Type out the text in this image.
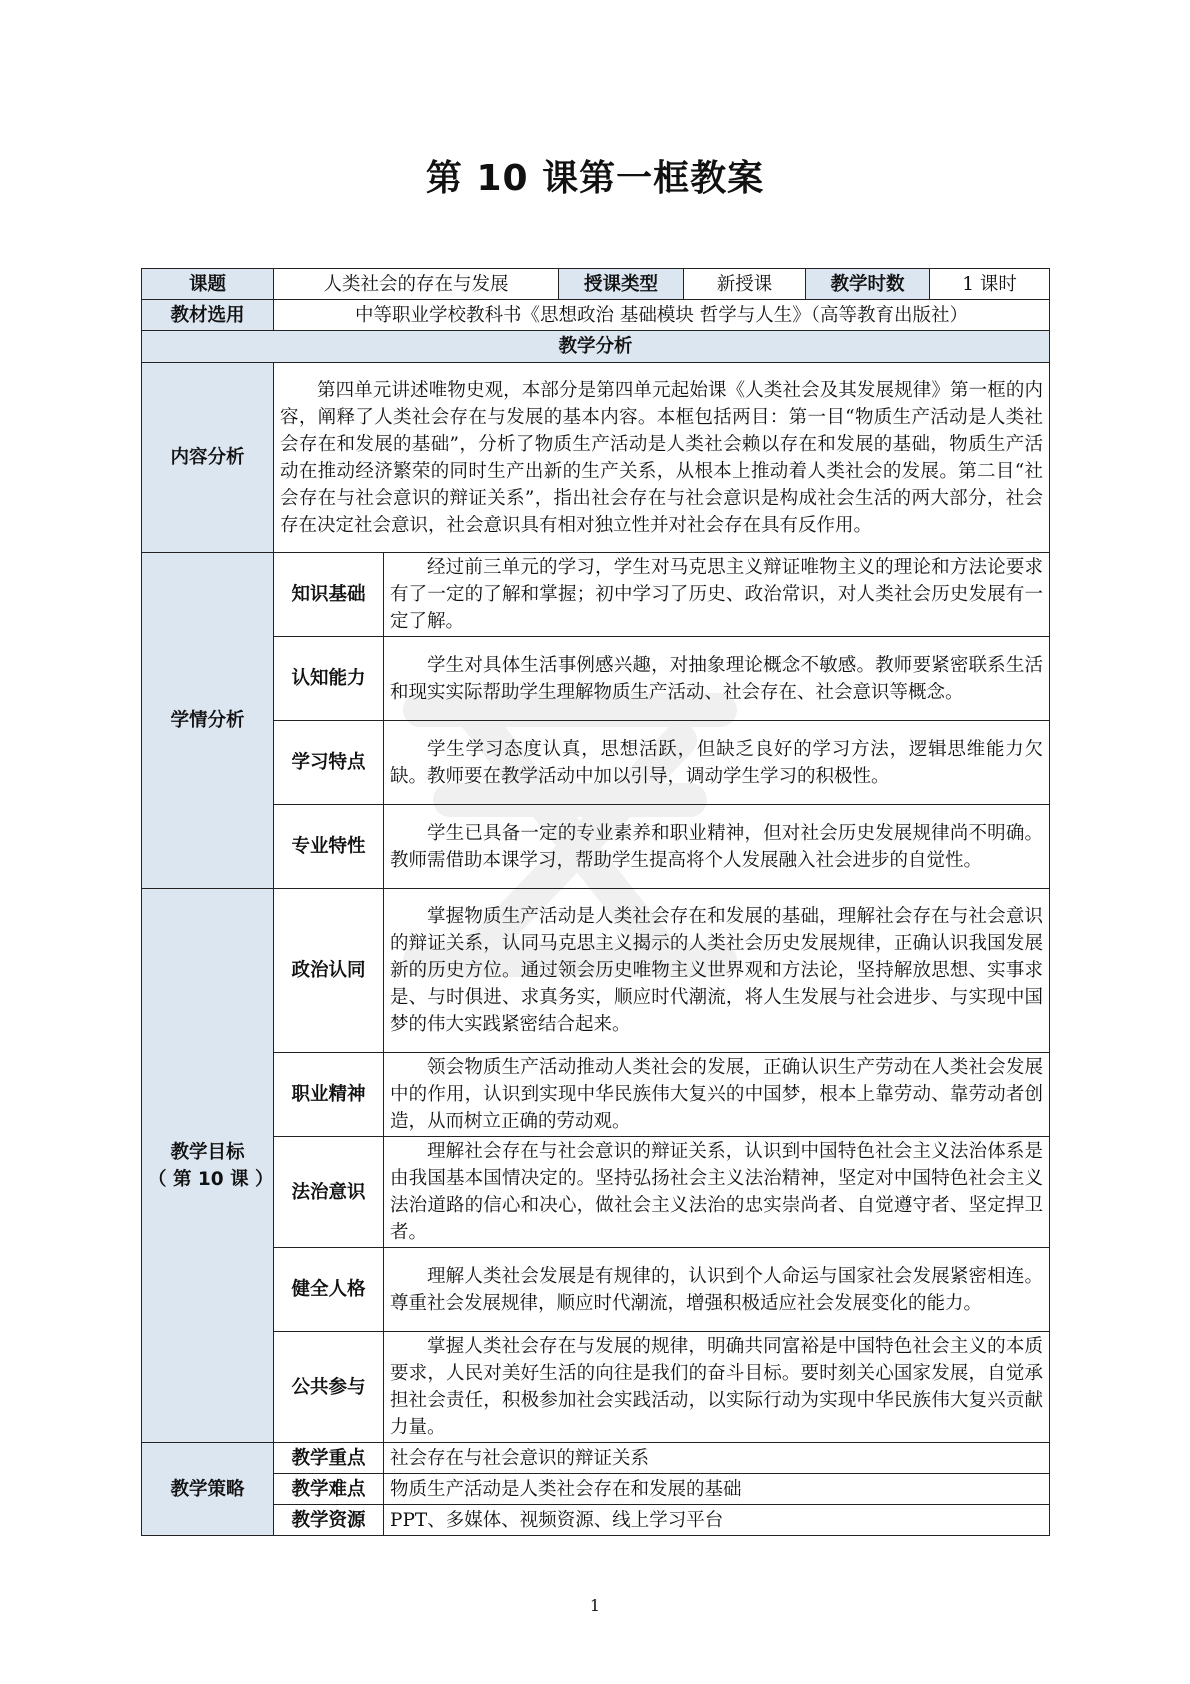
第 10 课第一框教案
课题	人类社会的存在与发展		授课类型	新授课	教学时数	1 课时
教材选用	中等职业学校教科书《思想政治 基础模块 哲学与人生》（高等教育出版社）					
教学分析						
内容分析	第四单元讲述唯物史观，本部分是第四单元起始课《人类社会及其发展规律》第一框的内容，阐释了人类社会存在与发展的基本内容。本框包括两目：第一目“物质生产活动是人类社会存在和发展的基础”，分析了物质生产活动是人类社会赖以存在和发展的基础，物质生产活动在推动经济繁荣的同时生产出新的生产关系，从根本上推动着人类社会的发展。第二目“社会存在与社会意识的辩证关系”，指出社会存在与社会意识是构成社会生活的两大部分，社会存在决定社会意识，社会意识具有相对独立性并对社会存在具有反作用。					
学情分析	知识基础	经过前三单元的学习，学生对马克思主义辩证唯物主义的理论和方法论要求有了一定的了解和掌握；初中学习了历史、政治常识，对人类社会历史发展有一定了解。				
	认知能力	学生对具体生活事例感兴趣，对抽象理论概念不敏感。教师要紧密联系生活和现实实际帮助学生理解物质生产活动、社会存在、社会意识等概念。				
	学习特点	学生学习态度认真，思想活跃，但缺乏良好的学习方法，逻辑思维能力欠缺。教师要在教学活动中加以引导，调动学生学习的积极性。				
	专业特性	学生已具备一定的专业素养和职业精神，但对社会历史发展规律尚不明确。教师需借助本课学习，帮助学生提高将个人发展融入社会进步的自觉性。				

教学目标
（ 第 10 课 ）	政治认同	掌握物质生产活动是人类社会存在和发展的基础，理解社会存在与社会意识的辩证关系，认同马克思主义揭示的人类社会历史发展规律，正确认识我国发展新的历史方位。通过领会历史唯物主义世界观和方法论，坚持解放思想、实事求是、与时俱进、求真务实，顺应时代潮流，将人生发展与社会进步、与实现中国梦的伟大实践紧密结合起来。				
	职业精神	领会物质生产活动推动人类社会的发展，正确认识生产劳动在人类社会发展中的作用，认识到实现中华民族伟大复兴的中国梦，根本上靠劳动、靠劳动者创造，从而树立正确的劳动观。				
	法治意识	理解社会存在与社会意识的辩证关系，认识到中国特色社会主义法治体系是由我国基本国情决定的。坚持弘扬社会主义法治精神，坚定对中国特色社会主义法治道路的信心和决心，做社会主义法治的忠实崇尚者、自觉遵守者、坚定捍卫者。				
	健全人格	理解人类社会发展是有规律的，认识到个人命运与国家社会发展紧密相连。尊重社会发展规律，顺应时代潮流，增强积极适应社会发展变化的能力。				
	公共参与	掌握人类社会存在与发展的规律，明确共同富裕是中国特色社会主义的本质要求，人民对美好生活的向往是我们的奋斗目标。要时刻关心国家发展，自觉承担社会责任，积极参加社会实践活动，以实际行动为实现中华民族伟大复兴贡献力量。				
教学策略	教学重点	社会存在与社会意识的辩证关系				
	教学难点	物质生产活动是人类社会存在和发展的基础				
	教学资源	PPT、多媒体、视频资源、线上学习平台				
1
